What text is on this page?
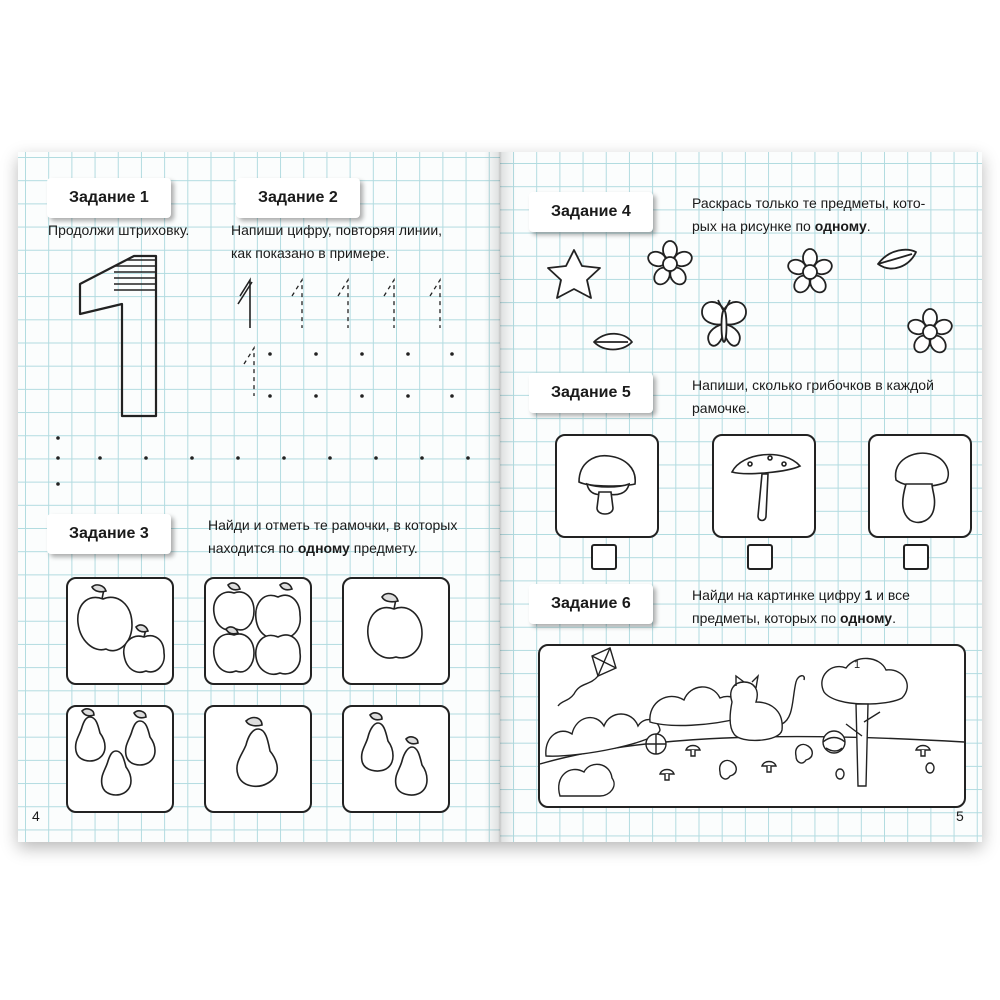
Задание 1	Задание 2
Продолжи штриховку.	Напиши цифру, повторяя линии,
как показано в примере.
1
Задание 3	Найди и отметь те рамочки, в которых
находится по одному предмету.
4
Задание 4	Раскрась только те предметы, кото-
рых на рисунке по одному.
Задание 5	Напиши, сколько грибочков в каждой
рамочке.
Задание 6	Найди на картинке цифру 1 и все
предметы, которых по одному.
1
5
